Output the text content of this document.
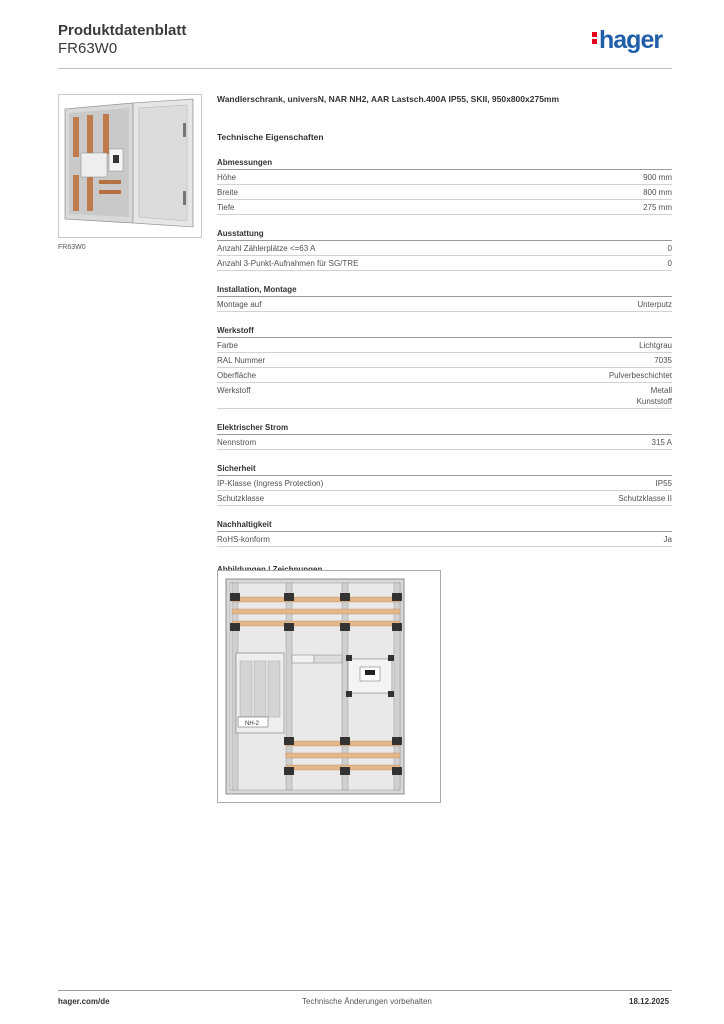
Produktdatenblatt
FR63W0	hager
FR63W0
Wandlerschrank, universN, NAR NH2, AAR Lastsch.400A IP55, SKII, 950x800x275mm
Technische Eigenschaften
Abmessungen
Höhe	900 mm
Breite	800 mm
Tiefe	275 mm
Ausstattung
Anzahl Zählerplätze <=63 A	0
Anzahl 3-Punkt-Aufnahmen für SG/TRE	0
Installation, Montage
Montage auf	Unterputz
Werkstoff
Farbe	Lichtgrau
RAL Nummer	7035
Oberfläche	Pulverbeschichtet
Werkstoff	Metall
Kunststoff
Elektrischer Strom
Nennstrom	315 A
Sicherheit
IP-Klasse (Ingress Protection)	IP55
Schutzklasse	Schutzklasse II
Nachhaltigkeit
RoHS-konform	Ja
NH-2
hager.com/de	Technische Änderungen vorbehalten	18.12.2025
